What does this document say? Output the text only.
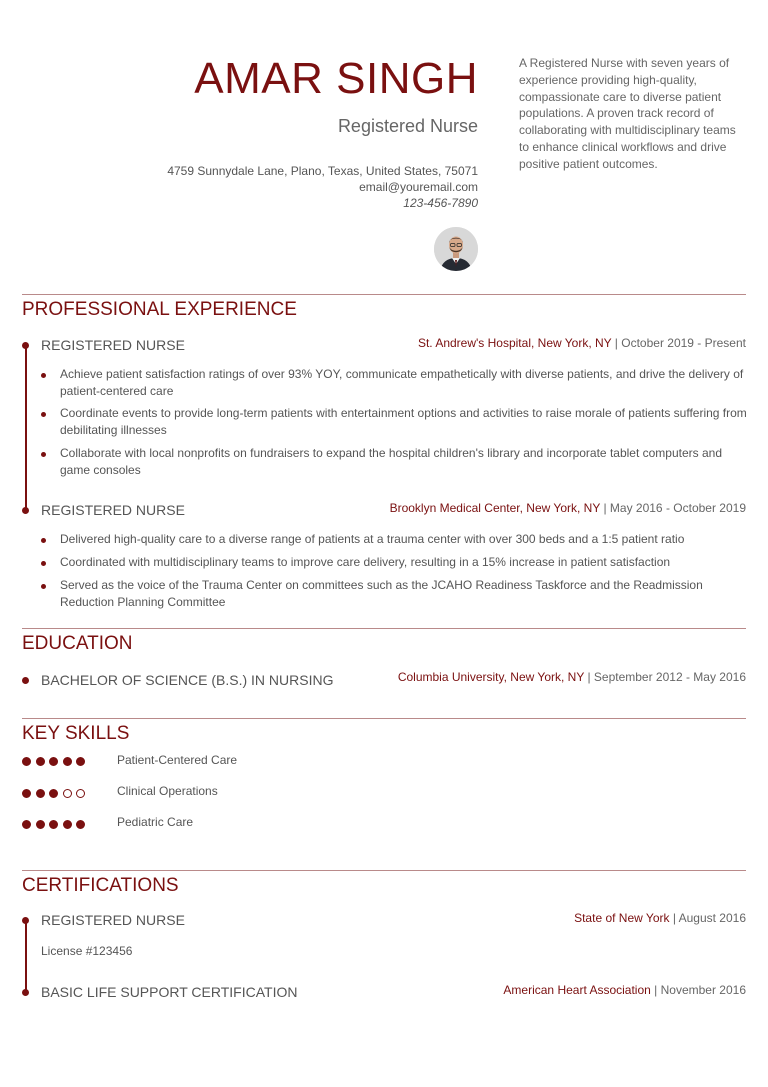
AMAR SINGH
Registered Nurse
4759 Sunnydale Lane, Plano, Texas, United States, 75071
email@youremail.com
123-456-7890
A Registered Nurse with seven years of experience providing high-quality, compassionate care to diverse patient populations. A proven track record of collaborating with multidisciplinary teams to enhance clinical workflows and drive positive patient outcomes.
PROFESSIONAL EXPERIENCE
REGISTERED NURSE	St. Andrew's Hospital, New York, NY | October 2019 - Present
Achieve patient satisfaction ratings of over 93% YOY, communicate empathetically with diverse patients, and drive the delivery of patient-centered care
Coordinate events to provide long-term patients with entertainment options and activities to raise morale of patients suffering from debilitating illnesses
Collaborate with local nonprofits on fundraisers to expand the hospital children's library and incorporate tablet computers and game consoles
REGISTERED NURSE	Brooklyn Medical Center, New York, NY | May 2016 - October 2019
Delivered high-quality care to a diverse range of patients at a trauma center with over 300 beds and a 1:5 patient ratio
Coordinated with multidisciplinary teams to improve care delivery, resulting in a 15% increase in patient satisfaction
Served as the voice of the Trauma Center on committees such as the JCAHO Readiness Taskforce and the Readmission Reduction Planning Committee
EDUCATION
BACHELOR OF SCIENCE (B.S.) IN NURSING	Columbia University, New York, NY | September 2012 - May 2016
KEY SKILLS
Patient-Centered Care
Clinical Operations
Pediatric Care
CERTIFICATIONS
REGISTERED NURSE	State of New York | August 2016
License #123456
BASIC LIFE SUPPORT CERTIFICATION	American Heart Association | November 2016
